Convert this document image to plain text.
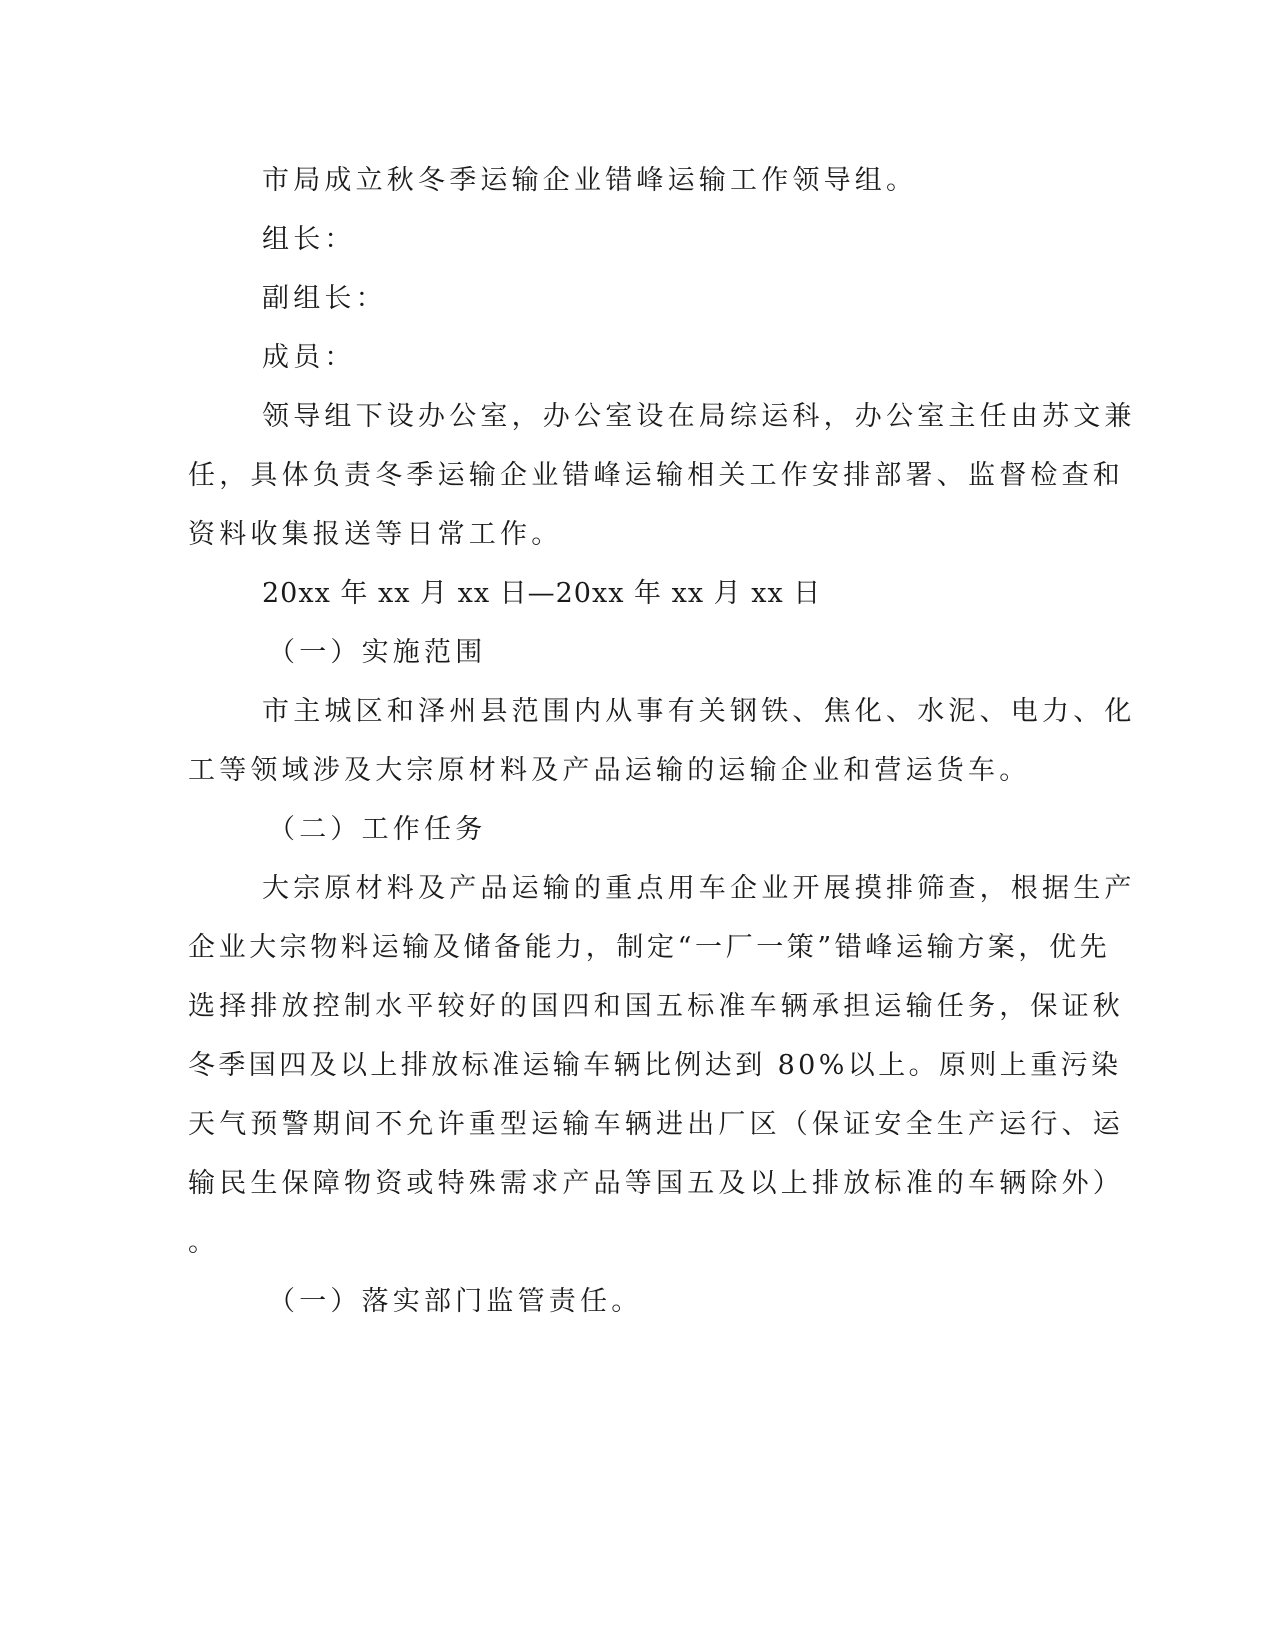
市局成立秋冬季运输企业错峰运输工作领导组。
组长：
副组长：
成员：
领导组下设办公室，办公室设在局综运科，办公室主任由苏文兼
任，具体负责冬季运输企业错峰运输相关工作安排部署、监督检查和
资料收集报送等日常工作。
20xx 年 xx 月 xx 日—20xx 年 xx 月 xx 日
（一）实施范围
市主城区和泽州县范围内从事有关钢铁、焦化、水泥、电力、化
工等领域涉及大宗原材料及产品运输的运输企业和营运货车。
（二）工作任务
大宗原材料及产品运输的重点用车企业开展摸排筛查，根据生产
企业大宗物料运输及储备能力，制定“一厂一策”错峰运输方案，优先
选择排放控制水平较好的国四和国五标准车辆承担运输任务，保证秋
冬季国四及以上排放标准运输车辆比例达到 80%以上。原则上重污染
天气预警期间不允许重型运输车辆进出厂区（保证安全生产运行、运
输民生保障物资或特殊需求产品等国五及以上排放标准的车辆除外）
。
（一）落实部门监管责任。
